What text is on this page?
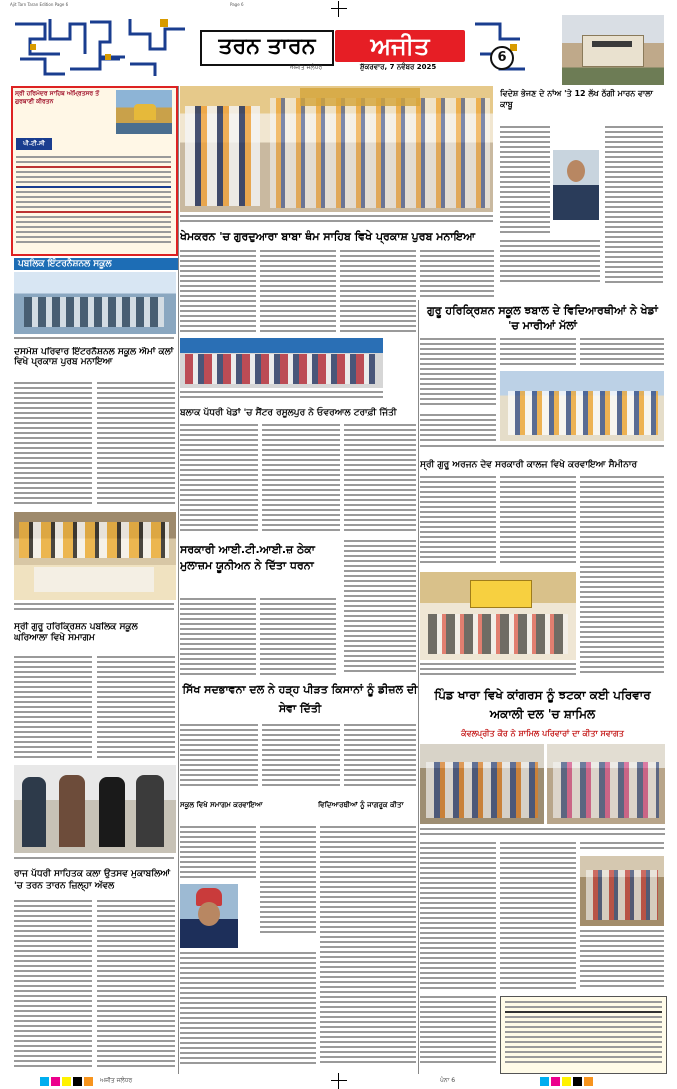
Ajit Tarn Taran Edition Page 6	Page 6
ਤਰਨ ਤਾਰਨ	ਅਜੀਤ
ਅਜੀਤ ਜਲੰਧਰ	ਸ਼ੁੱਕਰਵਾਰ, 7 ਨਵੰਬਰ 2025
6
ਸ੍ਰੀ ਹਰਿਮੰਦਰ ਸਾਹਿਬ ਅੰਮ੍ਰਿਤਸਰ ਤੋਂ ਗੁਰਬਾਣੀ ਕੀਰਤਨ
ਪੀ.ਟੀ.ਸੀ
ਪਬਲਿਕ ਇੰਟਰਨੈਸ਼ਨਲ ਸਕੂਲ
ਦਸਮੇਸ਼ ਪਰਿਵਾਰ ਇੰਟਰਨੈਸ਼ਨਲ ਸਕੂਲ ਐਮਾਂ ਕਲਾਂ ਵਿਖੇ ਪ੍ਰਕਾਸ਼ ਪੁਰਬ ਮਨਾਇਆ
ਸ੍ਰੀ ਗੁਰੂ ਹਰਿਕ੍ਰਿਸ਼ਨ ਪਬਲਿਕ ਸਕੂਲ ਘਰਿਆਲਾ ਵਿਖੇ ਸਮਾਗਮ
ਰਾਜ ਪੱਧਰੀ ਸਾਹਿਤਕ ਕਲਾ ਉਤਸਵ ਮੁਕਾਬਲਿਆਂ 'ਚ ਤਰਨ ਤਾਰਨ ਜ਼ਿਲ੍ਹਾ ਅੱਵਲ
ਖੇਮਕਰਨ 'ਚ ਗੁਰਦੁਆਰਾ ਬਾਬਾ ਥੰਮ ਸਾਹਿਬ ਵਿਖੇ ਪ੍ਰਕਾਸ਼ ਪੁਰਬ ਮਨਾਇਆ
ਵਿਦੇਸ਼ ਭੇਜਣ ਦੇ ਨਾਂਅ 'ਤੇ 12 ਲੱਖ ਠੱਗੀ ਮਾਰਨ ਵਾਲਾ ਕਾਬੂ
ਗੁਰੂ ਹਰਿਕ੍ਰਿਸ਼ਨ ਸਕੂਲ ਝਬਾਲ ਦੇ ਵਿਦਿਆਰਥੀਆਂ ਨੇ ਖੇਡਾਂ 'ਚ ਮਾਰੀਆਂ ਮੱਲਾਂ
ਬਲਾਕ ਪੱਧਰੀ ਖੇਡਾਂ 'ਚ ਸੈਂਟਰ ਰਸੂਲਪੁਰ ਨੇ ਓਵਰਆਲ ਟਰਾਫ਼ੀ ਜਿੱਤੀ
ਸਰਕਾਰੀ ਆਈ.ਟੀ.ਆਈ.ਜ਼ ਠੇਕਾ ਮੁਲਾਜ਼ਮ ਯੂਨੀਅਨ ਨੇ ਦਿੱਤਾ ਧਰਨਾ
ਸ੍ਰੀ ਗੁਰੂ ਅਰਜਨ ਦੇਵ ਸਰਕਾਰੀ ਕਾਲਜ ਵਿਖੇ ਕਰਵਾਇਆ ਸੈਮੀਨਾਰ
ਸਿੱਖ ਸਦਭਾਵਨਾ ਦਲ ਨੇ ਹੜ੍ਹ ਪੀੜਤ ਕਿਸਾਨਾਂ ਨੂੰ ਡੀਜ਼ਲ ਦੀ ਸੇਵਾ ਦਿੱਤੀ
ਸਕੂਲ ਵਿਖੇ ਸਮਾਗਮ ਕਰਵਾਇਆ	ਵਿਦਿਆਰਥੀਆਂ ਨੂੰ ਜਾਗਰੂਕ ਕੀਤਾ
ਪਿੰਡ ਖਾਰਾ ਵਿਖੇ ਕਾਂਗਰਸ ਨੂੰ ਝਟਕਾ ਕਈ ਪਰਿਵਾਰ ਅਕਾਲੀ ਦਲ 'ਚ ਸ਼ਾਮਿਲ
ਕੰਵਲਪ੍ਰੀਤ ਕੌਰ ਨੇ ਸ਼ਾਮਿਲ ਪਰਿਵਾਰਾਂ ਦਾ ਕੀਤਾ ਸਵਾਗਤ
ਅਜੀਤ ਜਲੰਧਰ	ਪੰਨਾ 6
